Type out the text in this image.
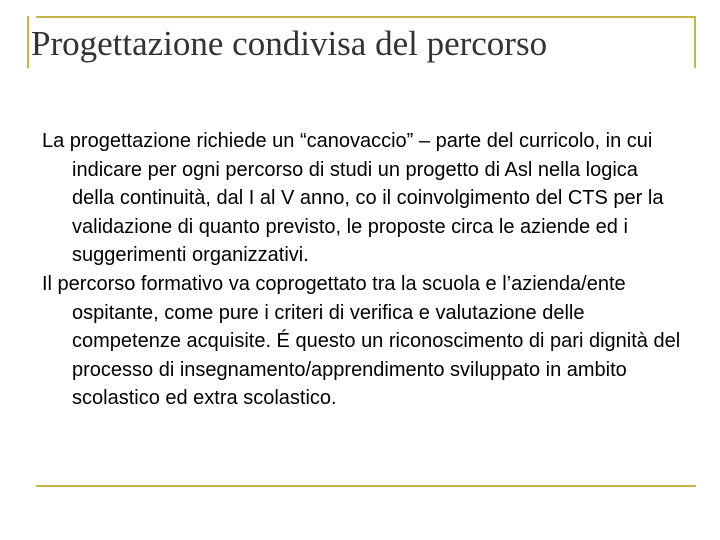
Progettazione condivisa del percorso

La progettazione richiede un “canovaccio” – parte del curricolo, in cui indicare per ogni percorso di studi un progetto di Asl nella logica della continuità, dal I al V anno, co il coinvolgimento del CTS per la validazione di quanto previsto, le proposte circa le aziende ed i suggerimenti organizzativi.

Il percorso formativo va coprogettato tra la scuola e l’azienda/ente ospitante, come pure i criteri di verifica e valutazione delle competenze acquisite. É questo un riconoscimento di pari dignità del processo di insegnamento/apprendimento sviluppato in ambito scolastico ed extra scolastico.
